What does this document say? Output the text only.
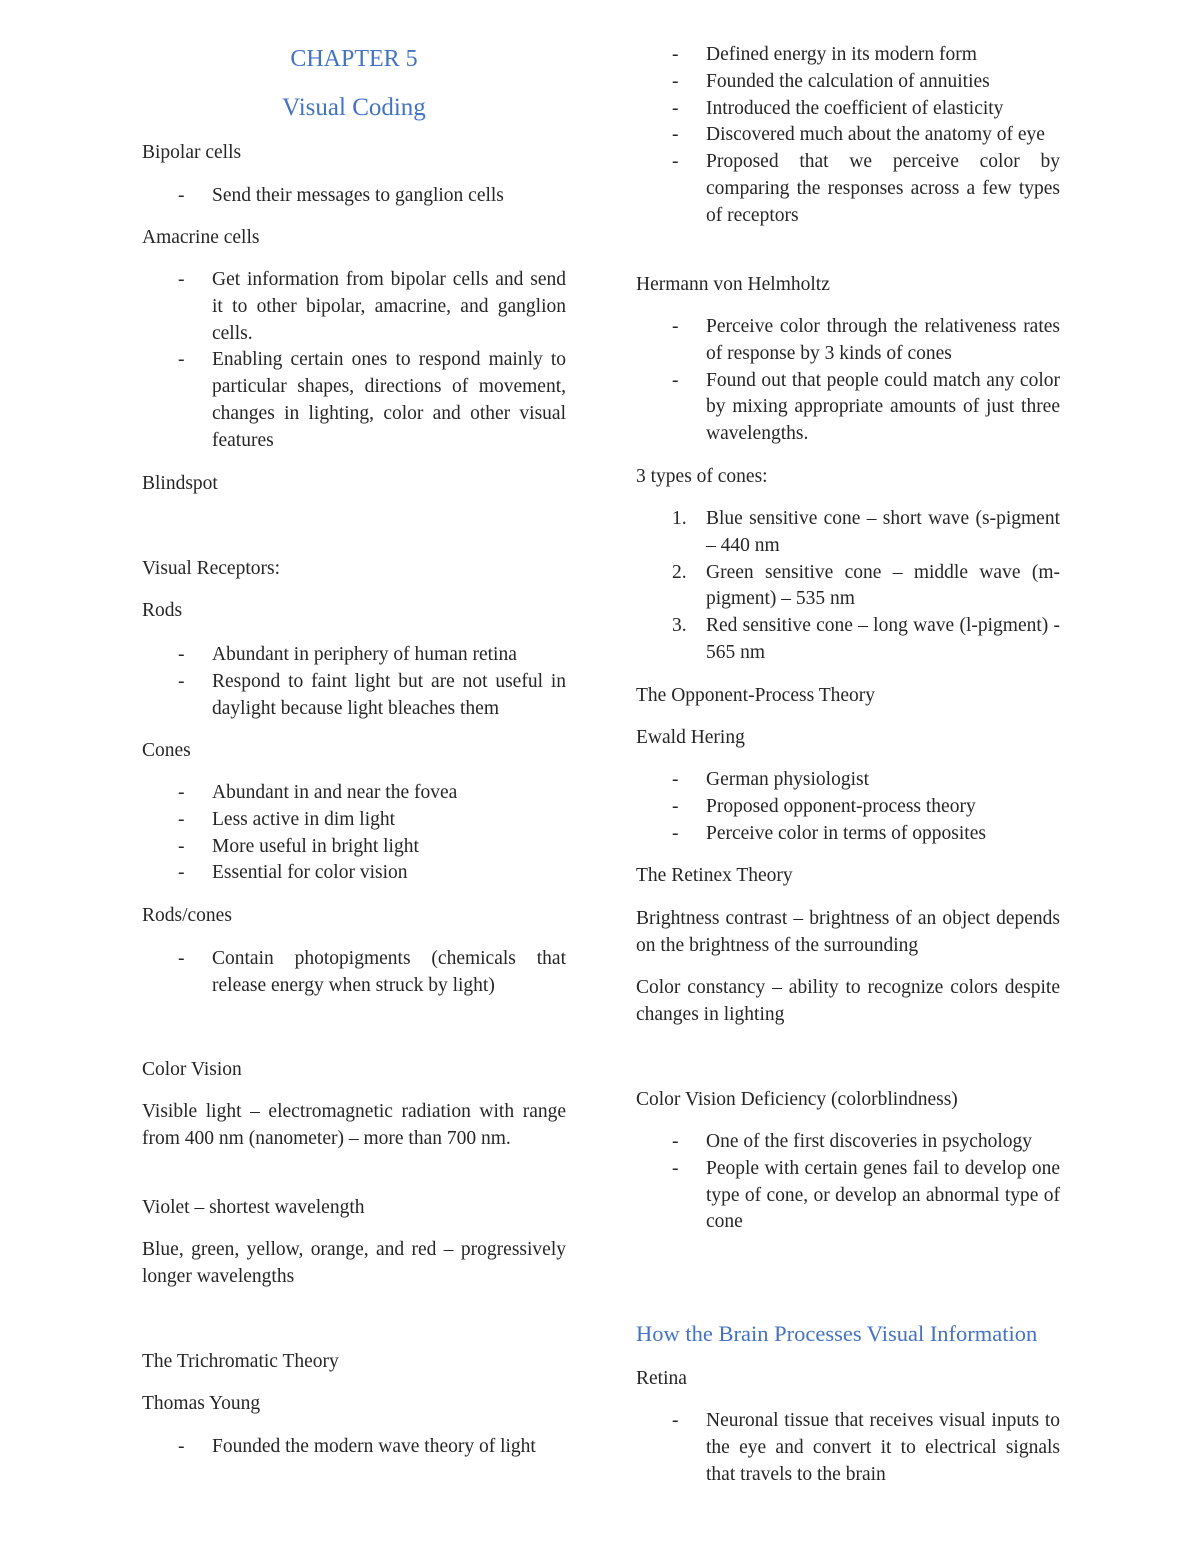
CHAPTER 5
Visual Coding

Bipolar cells

- Send their messages to ganglion cells

Amacrine cells

- Get information from bipolar cells and send it to other bipolar, amacrine, and ganglion cells.
- Enabling certain ones to respond mainly to particular shapes, directions of movement, changes in lighting, color and other visual features

Blindspot

Visual Receptors:

Rods

- Abundant in periphery of human retina
- Respond to faint light but are not useful in daylight because light bleaches them

Cones

- Abundant in and near the fovea
- Less active in dim light
- More useful in bright light
- Essential for color vision

Rods/cones

- Contain photopigments (chemicals that release energy when struck by light)

Color Vision

Visible light – electromagnetic radiation with range from 400 nm (nanometer) – more than 700 nm.

Violet – shortest wavelength

Blue, green, yellow, orange, and red – progressively longer wavelengths

The Trichromatic Theory

Thomas Young

- Founded the modern wave theory of light
- Defined energy in its modern form
- Founded the calculation of annuities
- Introduced the coefficient of elasticity
- Discovered much about the anatomy of eye
- Proposed that we perceive color by comparing the responses across a few types of receptors

Hermann von Helmholtz

- Perceive color through the relativeness rates of response by 3 kinds of cones
- Found out that people could match any color by mixing appropriate amounts of just three wavelengths.

3 types of cones:

1. Blue sensitive cone – short wave (s-pigment – 440 nm
2. Green sensitive cone – middle wave (m-pigment) – 535 nm
3. Red sensitive cone – long wave (l-pigment) - 565 nm

The Opponent-Process Theory

Ewald Hering

- German physiologist
- Proposed opponent-process theory
- Perceive color in terms of opposites

The Retinex Theory

Brightness contrast – brightness of an object depends on the brightness of the surrounding

Color constancy – ability to recognize colors despite changes in lighting

Color Vision Deficiency (colorblindness)

- One of the first discoveries in psychology
- People with certain genes fail to develop one type of cone, or develop an abnormal type of cone
How the Brain Processes Visual Information

Retina

- Neuronal tissue that receives visual inputs to the eye and convert it to electrical signals that travels to the brain
